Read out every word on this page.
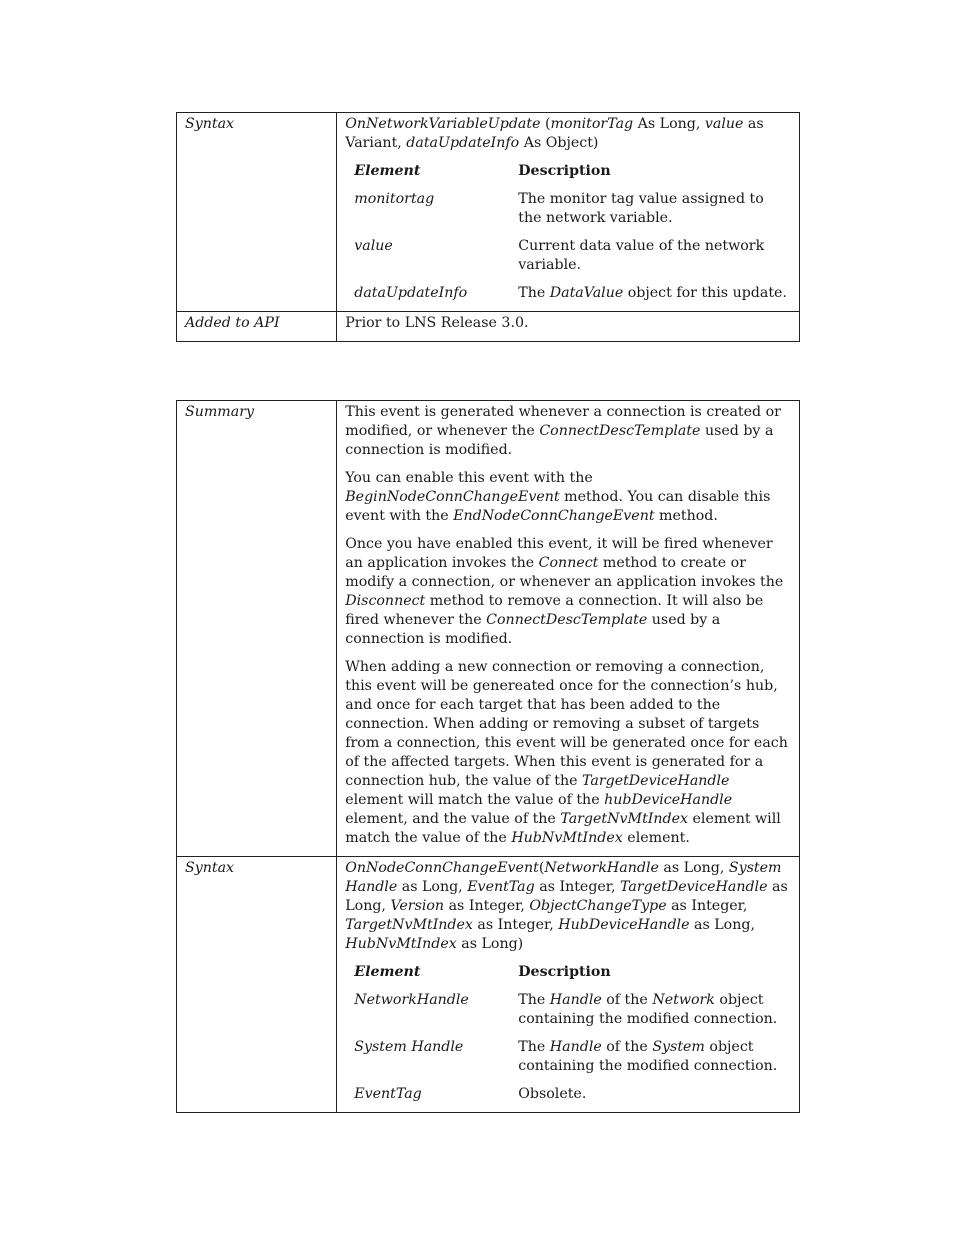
Syntax	OnNetworkVariableUpdate (monitorTag As Long, value as Variant, dataUpdateInfo As Object)
Element	Description
monitortag	The monitor tag value assigned to the network variable.
value	Current data value of the network variable.
dataUpdateInfo	The DataValue object for this update.

Added to API	Prior to LNS Release 3.0.
Summary	This event is generated whenever a connection is created or modified, or whenever the ConnectDescTemplate used by a connection is modified.

You can enable this event with the BeginNodeConnChangeEvent method. You can disable this event with the EndNodeConnChangeEvent method.

Once you have enabled this event, it will be fired whenever an application invokes the Connect method to create or modify a connection, or whenever an application invokes the Disconnect method to remove a connection. It will also be fired whenever the ConnectDescTemplate used by a connection is modified.

When adding a new connection or removing a connection, this event will be genereated once for the connection’s hub, and once for each target that has been added to the connection. When adding or removing a subset of targets from a connection, this event will be generated once for each of the affected targets. When this event is generated for a connection hub, the value of the TargetDeviceHandle element will match the value of the hubDeviceHandle element, and the value of the TargetNvMtIndex element will match the value of the HubNvMtIndex element.

Syntax	OnNodeConnChangeEvent(NetworkHandle as Long, System Handle as Long, EventTag as Integer, TargetDeviceHandle as Long, Version as Integer, ObjectChangeType as Integer, TargetNvMtIndex as Integer, HubDeviceHandle as Long, HubNvMtIndex as Long)
Element	Description
NetworkHandle	The Handle of the Network object containing the modified connection.
System Handle	The Handle of the System object containing the modified connection.
EventTag	Obsolete.
